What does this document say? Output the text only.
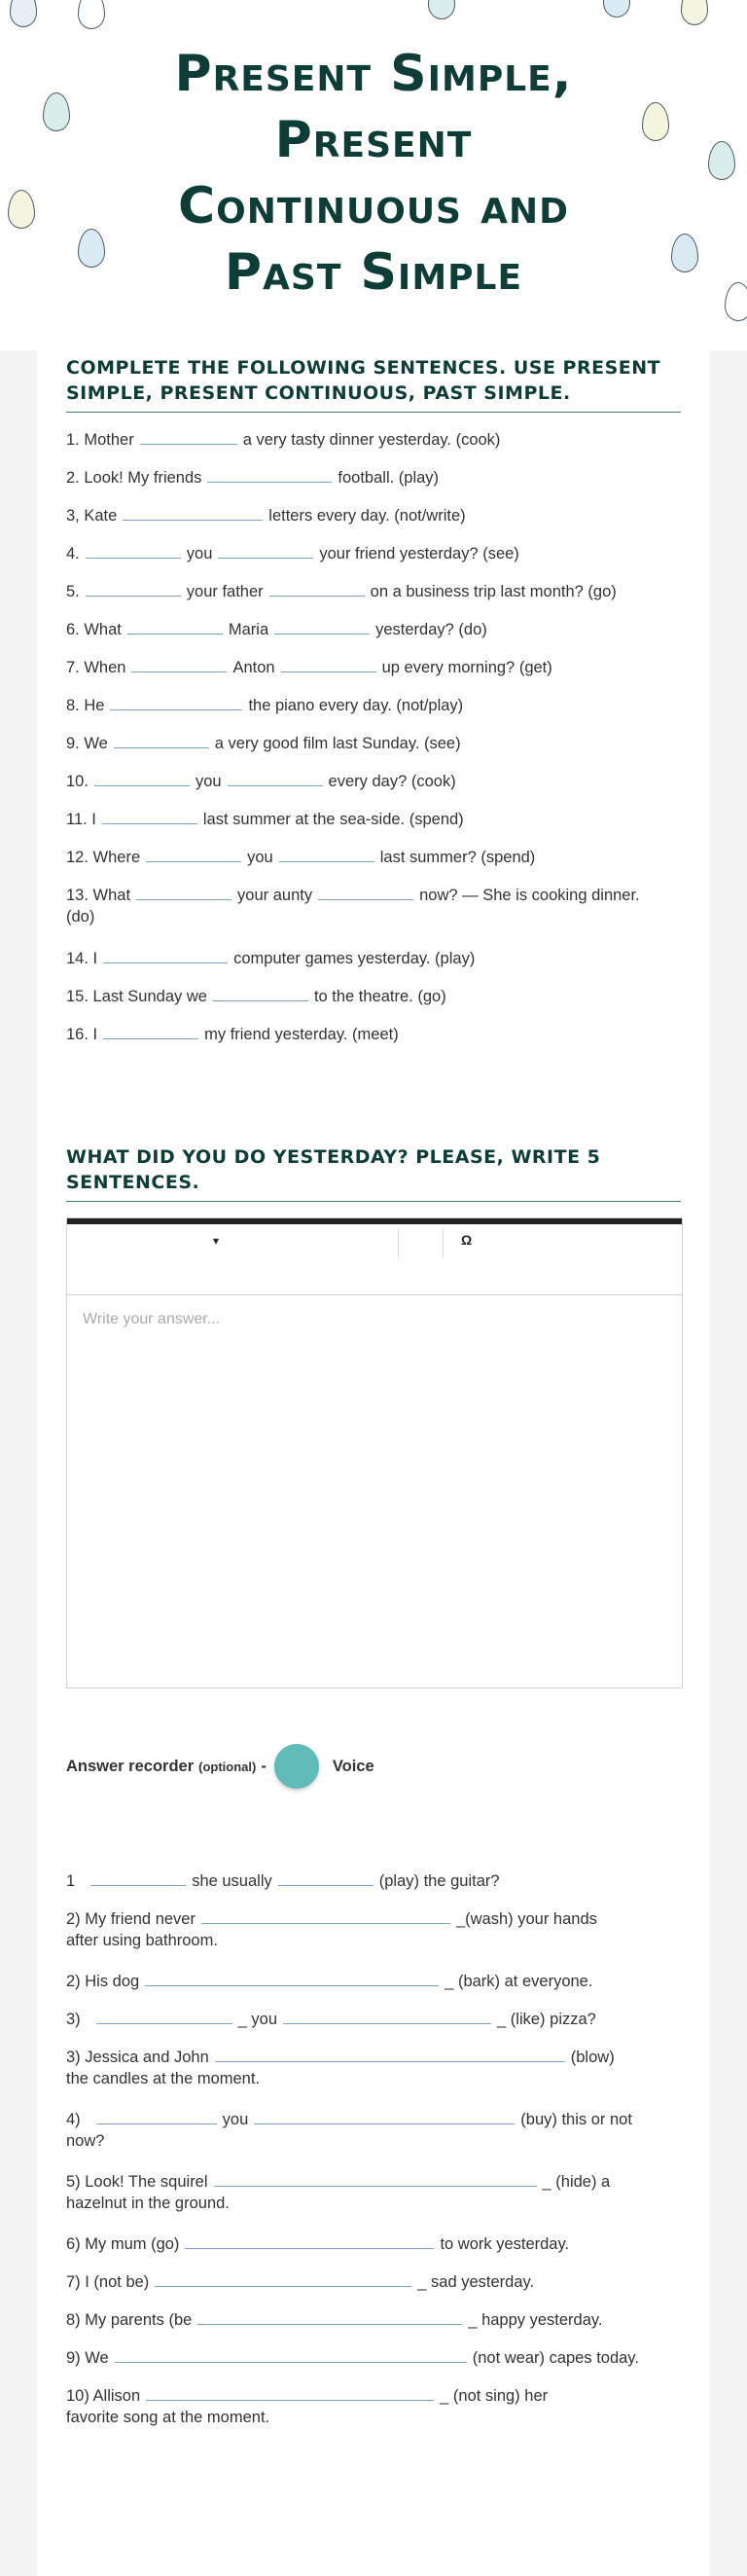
Present Simple,
Present
Continuous and
Past Simple
COMPLETE THE FOLLOWING SENTENCES. USE PRESENT SIMPLE, PRESENT CONTINUOUS, PAST SIMPLE.

1. Mother	a very tasty dinner yesterday. (cook)

2. Look! My friends	football. (play)

3, Kate	letters every day. (not/write)

4.	you	your friend yesterday? (see)

5.	your father	on a business trip last month? (go)

6. What	Maria	yesterday? (do)

7. When	Anton	up every morning? (get)

8. He	the piano every day. (not/play)

9. We	a very good film last Sunday. (see)

10.	you	every day? (cook)

11. I	last summer at the sea-side. (spend)

12. Where	you	last summer? (spend)

13. What	your aunty	now? — She is cooking dinner. (do)

14. I	computer games yesterday. (play)

15. Last Sunday we	to the theatre. (go)

16. I	my friend yesterday. (meet)

WHAT DID YOU DO YESTERDAY? PLEASE, WRITE 5 SENTENCES.
▾	Ω
Write your answer...
Answer recorder (optional) -	Voice

1	she usually	(play) the guitar?

2) My friend never	_(wash) your hands
after using bathroom.

2) His dog	_ (bark) at everyone.

3)	_ you	_ (like) pizza?

3) Jessica and John	(blow)
the candles at the moment.

4)	you	(buy) this or not
now?

5) Look! The squirel	_ (hide) a
hazelnut in the ground.

6) My mum (go)	to work yesterday.

7) I (not be)	_ sad yesterday.

8) My parents (be	_ happy yesterday.

9) We	(not wear) capes today.

10) Allison	_ (not sing) her
favorite song at the moment.
